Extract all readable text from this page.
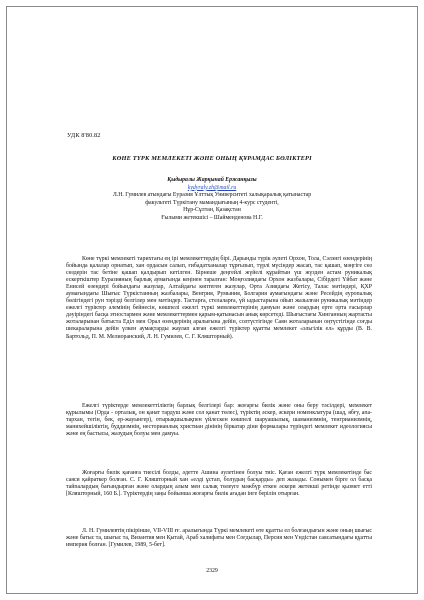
УДК 8'80.82
КӨНЕ ТҮРК МЕМЛЕКЕТІ ЖӘНЕ ОНЫҢ ҚҰРАМДАС БӨЛІКТЕРІ
Қыдыралы Жарқынай Ержанқызы
kydyraly.zh@mail.ru
Л.Н. Гумилев атындағы Еуразия Ұлттық Университеті халықаралық қатынастар
факультеті Түркітану мамандығының 4-курс студенті,
Нұр-Сұлтан, Қазақстан
Ғылыми жетекшісі – Шайменденова Н.Г.

Көне түркі мемлекеті тарихтағы ең ірі мемлекеттердің бірі. Дарынды түрік әулеті Орхон, Тола, Сэлэнгі өзендерінің бойында қалалар орнатып, хан ордасын салып, ғибадатханалар тұрғызып, түрлі мүсіндер жасап, тас қашап, мәңгіге сөз сөздерін тас бетіне қашап қалдырып кетілген. Бірнеше деңгейлі жүйелі құрайтын үш жүзден астам руникалық ескерткіштер Еуразияның барлық аумағында кеңінен таралған: Моңғолиядағы Орхон жазбалары, Сібірдегі Үйбат және Енисей өзендері бойындағы жазулар, Алтайдағы көптеген жазулар, Орта Азиядағы Жетісу, Талас мәтіндері, ҚХР аумағындағы Шығыс Түркістанның жазбалары, Венгрия, Румыния, Болгария аумағындағы және Ресейдің еуропалық бөлігіндегі рун тәрізді белгілер мен мәтіндер. Тастарға, стелаларға, үй ыдыстарына ойып жазылған руникалық мәтіндер ежелгі түріктер әлемінің бейнесін, көшпелі ежелгі түркі мемлекеттерінің дамуын және олардың ерте орта ғасырлар дәуіріндегі басқа этностармен және мемлекеттермен қарым-қатынасын анық көрсетеді. Шығыстағы Хинганның жартасты жоталарынан батыста Еділ мен Орал өзендерінің аралығына дейін, солтүстігінде Саян жоталарынан оңтүстігінде соғды шекараларына дейін үлкен аумақтарды жаулап алған ежелгі түріктер құатты мемлекет «эльгілік ел» құрды (В. В. Бартольд, П. М. Мелиоранский, Л. Н. Гумилев, С. Г. Кляшторный).

Ежелгі түріктерде мемлекеттіліктің барлық белгілері бар: жоғарғы билік және оны беру тәсілдері, мемлекет құрылымы (Орда - орталық, он қанат тардуш және сол қанат төлес), түріктің әскер, әскери номенклатура (шад, ябғу, апа-тархан, тегін, бек, ер-жауынгер), отырықшылықпен үйлескен көшпелі шаруашылық, шаманизмнің, тенгрианизмнің, манихейшіліктің, буддизмнің, несторианлық христиан дінінің біркатар діни формалары түріндегі мемлекет идеологиясы және ең бастысы, жазудың болуы мен дамуы.

Жоғарғы билік қағанға тиесілі болды, әдетте Ашина әулетінен болуы тиіс. Қаған ежелгі түрк мемлекетінде бас саяси қайраткер болған. С. Г. Кляшторный хан «елді ұстап, болудың басқарды» деп жазады. Сонымен бірге ол басқа тайпалардың бағындырған және олардың алым мен салық төлеуге мәжбүр еткен әскери жетекші ретінде қызмет етті [Кляшторный, 160 Б.]. Түріктердің заңы бойынша жоғарғы билік ағадан інге берілін отырған.

Л. Н. Гумилевтің пікірінше, VII-VIII ғғ. аралығында Түркі мемлекеті өте құатты ел болғандығын және оның шығыс және батыс та, шығыс та, Византия мен Қытай, Араб халифаты мен Соғдылар, Персия мен Үндістан саясатындағы құатты империя болған. [Гумилев, 1989, 5-бет].

2329
